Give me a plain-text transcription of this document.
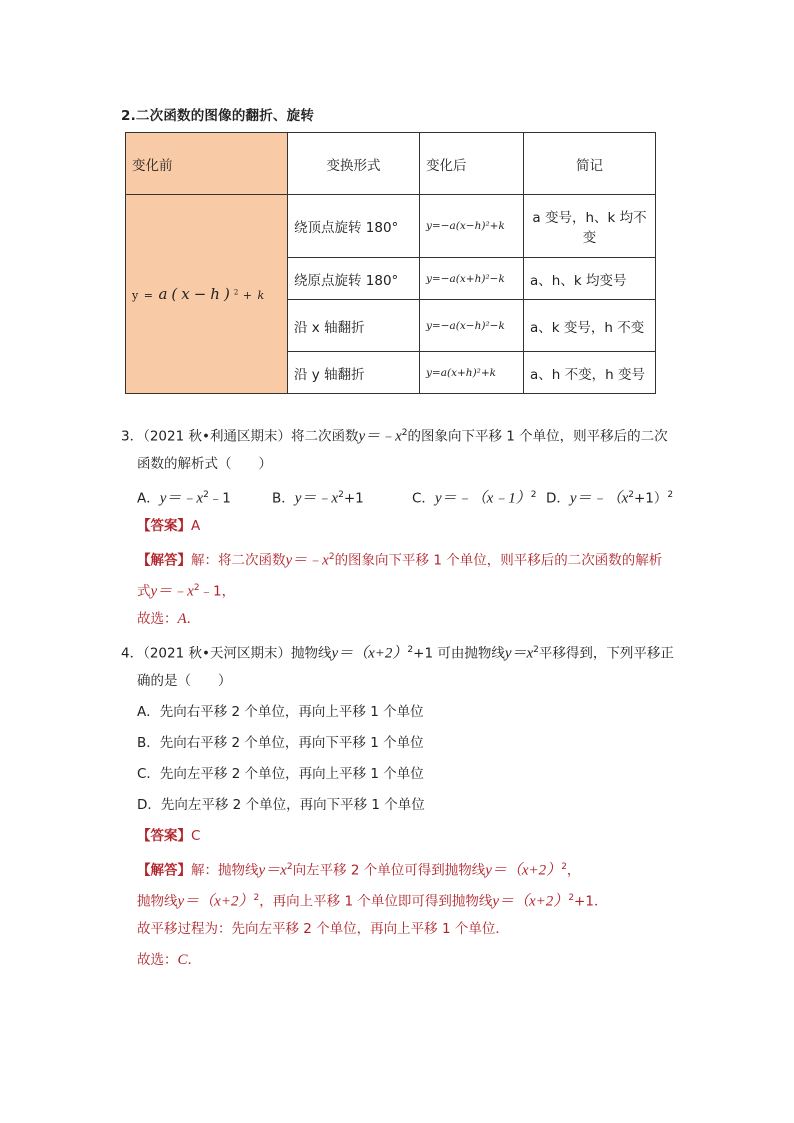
2.二次函数的图像的翻折、旋转
变化前	变换形式	变化后	简记
$y = a(x-h)^2 + k$	绕顶点旋转 180°	y=−a(x−h)²+k	a 变号，h、k 均不变
	绕原点旋转 180°	y=−a(x+h)²−k	a、h、k 均变号
	沿 x 轴翻折	y=−a(x−h)²−k	a、k 变号，h 不变
	沿 y 轴翻折	y=a(x+h)²+k	a、h 不变，h 变号
3．（2021 秋•利通区期末）将二次函数$y=﹣x^2$的图象向下平移 1 个单位，则平移后的二次
函数的解析式（　　）
A．$y=﹣x^2﹣1$	B．$y=﹣x^2+1$	C．y＝﹣（x﹣1）$^2$ D．$y=﹣(x^2+1)^2$
【答案】A
【解答】解：将二次函数$y=﹣x^2$的图象向下平移 1 个单位，则平移后的二次函数的解析
式$y=﹣x^2﹣1$，
故选：A．
4．（2021 秋•天河区期末）抛物线$y=(x+2)^2+1$ 可由抛物线$y=x^2$平移得到，下列平移正
确的是（　　）
A．先向右平移 2 个单位，再向上平移 1 个单位
B．先向右平移 2 个单位，再向下平移 1 个单位
C．先向左平移 2 个单位，再向上平移 1 个单位
D．先向左平移 2 个单位，再向下平移 1 个单位
【答案】C
【解答】解：抛物线$y=x^2$向左平移 2 个单位可得到抛物线$y=(x+2)^2$，
抛物线$y=(x+2)^2$，再向上平移 1 个单位即可得到抛物线$y=(x+2)^2+1$．
故平移过程为：先向左平移 2 个单位，再向上平移 1 个单位．
故选：C．
